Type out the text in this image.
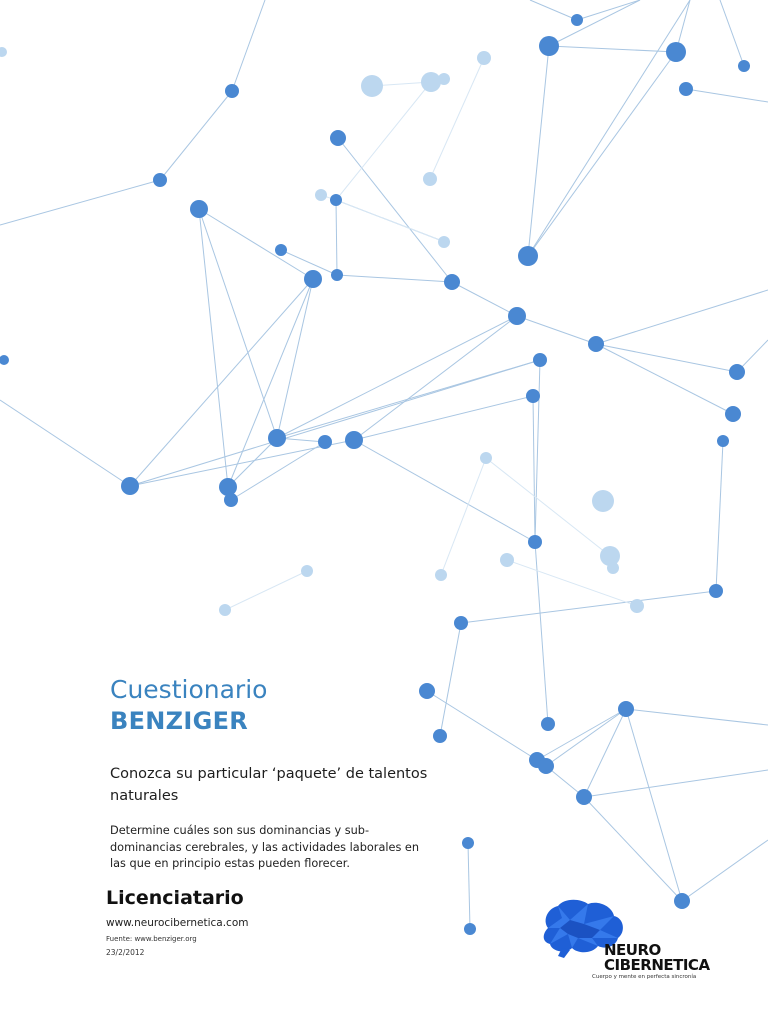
Cuestionario
BENZIGER
Conozca su particular ‘paquete’ de talentos naturales
Determine cuáles son sus dominancias y sub-dominancias cerebrales, y las actividades laborales en las que en principio estas pueden florecer.
Licenciatario
www.neurocibernetica.com
Fuente: www.benziger.org
23/2/2012	NEURO
CIBERNETICA
Cuerpo y mente en perfecta sincronía
